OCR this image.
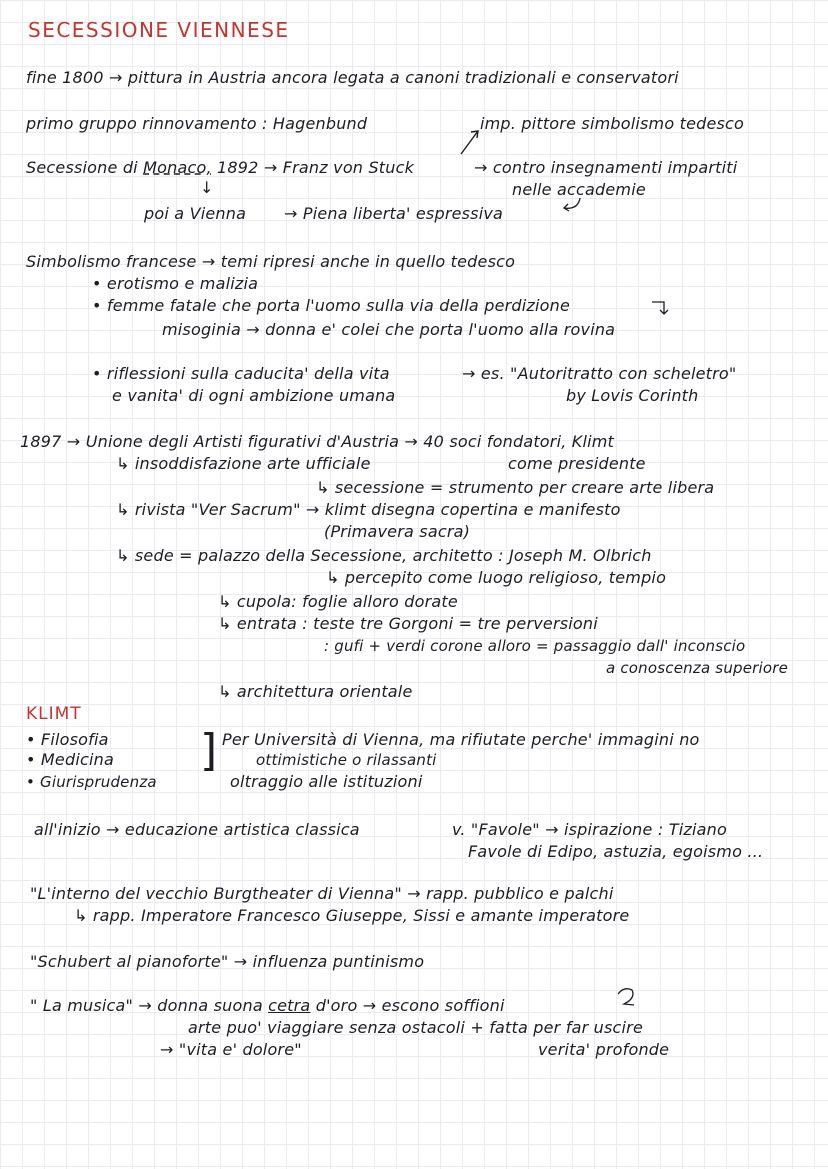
SECESSIONE VIENNESE
fine 1800 → pittura in Austria ancora legata a canoni tradizionali e conservatori
primo gruppo rinnovamento : Hagenbund	imp. pittore simbolismo tedesco
Secessione di Monaco, 1892 → Franz von Stuck	→ contro insegnamenti impartiti
nelle accademie
↓
poi a Vienna → Piena liberta' espressiva
Simbolismo francese → temi ripresi anche in quello tedesco
• erotismo e malizia
• femme fatale che porta l'uomo sulla via della perdizione
misoginia → donna e' colei che porta l'uomo alla rovina
• riflessioni sulla caducita' della vita
e vanita' di ogni ambizione umana
→ es. "Autoritratto con scheletro"
by Lovis Corinth
1897 → Unione degli Artisti figurativi d'Austria → 40 soci fondatori, Klimt
come presidente
↳ insoddisfazione arte ufficiale
↳ secessione = strumento per creare arte libera
↳ rivista "Ver Sacrum" → klimt disegna copertina e manifesto
(Primavera sacra)
↳ sede = palazzo della Secessione, architetto : Joseph M. Olbrich
↳ percepito come luogo religioso, tempio
↳ cupola: foglie alloro dorate
↳ entrata : teste tre Gorgoni = tre perversioni
: gufi + verdi corone alloro = passaggio dall' inconscio
a conoscenza superiore
↳ architettura orientale
KLIMT
• Filosofia
• Medicina
• Giurisprudenza
] Per Università di Vienna, ma rifiutate perche' immagini no
ottimistiche o rilassanti
oltraggio alle istituzioni
all'inizio → educazione artistica classica	v. "Favole" → ispirazione : Tiziano
Favole di Edipo, astuzia, egoismo ...
"L'interno del vecchio Burgtheater di Vienna" → rapp. pubblico e palchi
↳ rapp. Imperatore Francesco Giuseppe, Sissi e amante imperatore
"Schubert al pianoforte" → influenza puntinismo
" La musica" → donna suona cetra d'oro → escono soffioni
arte puo' viaggiare senza ostacoli + fatta per far uscire
verita' profonde
→ "vita e' dolore"
